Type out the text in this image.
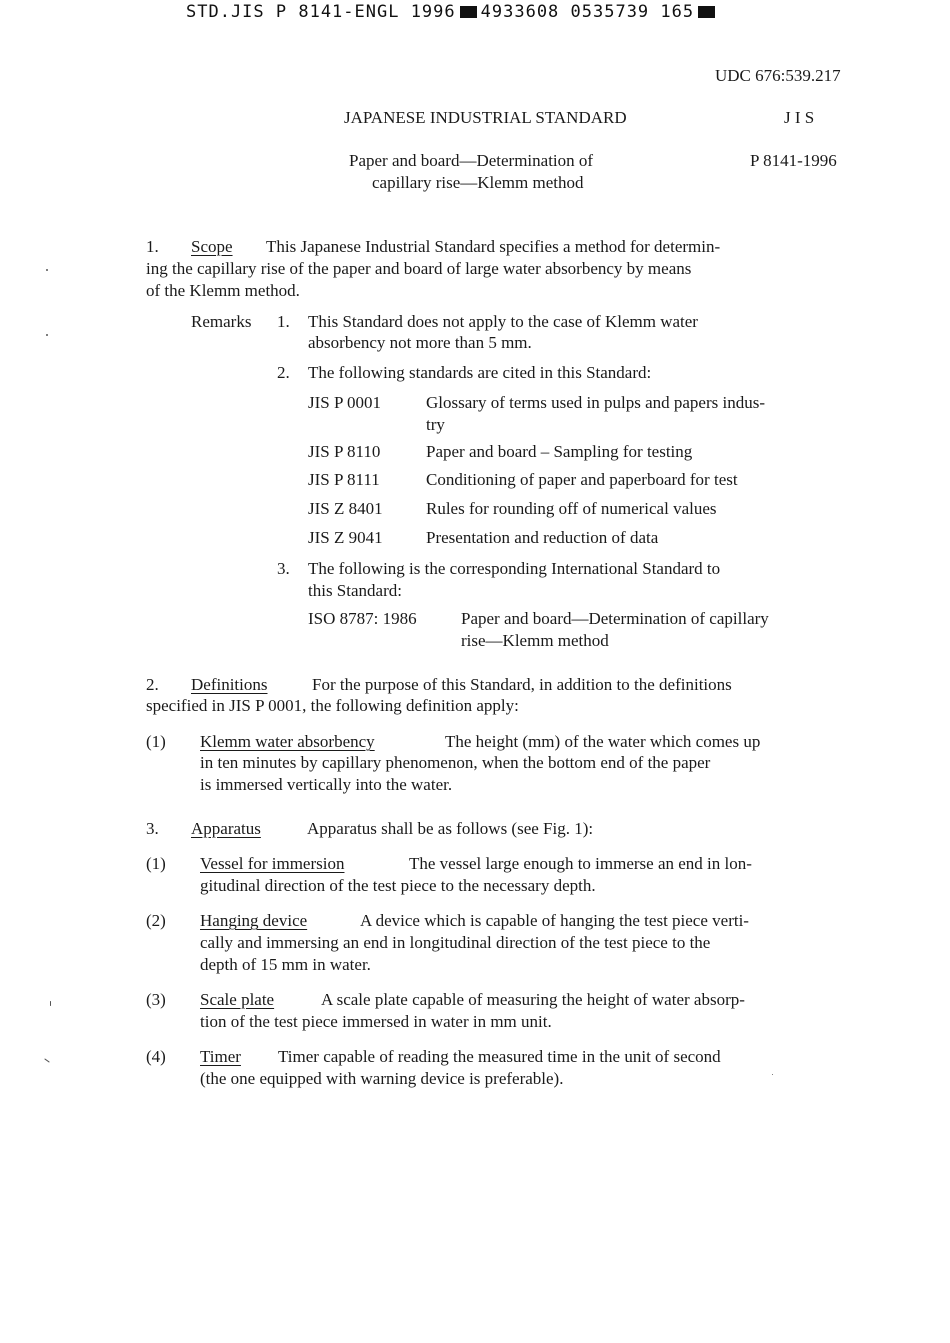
STD.JIS P 8141-ENGL 1996 4933608 0535739 165
UDC 676:539.217
JAPANESE INDUSTRIAL STANDARD	J I S
Paper and board—Determination of
capillary rise—Klemm method
P 8141-1996
1. Scope This Japanese Industrial Standard specifies a method for determin-
ing the capillary rise of the paper and board of large water absorbency by means
of the Klemm method.
Remarks 1. This Standard does not apply to the case of Klemm water
absorbency not more than 5 mm.
2. The following standards are cited in this Standard:
JIS P 0001	Glossary of terms used in pulps and papers indus-
try
JIS P 8110	Paper and board – Sampling for testing
JIS P 8111	Conditioning of paper and paperboard for test
JIS Z 8401	Rules for rounding off of numerical values
JIS Z 9041	Presentation and reduction of data
3. The following is the corresponding International Standard to
this Standard:
ISO 8787: 1986	Paper and board—Determination of capillary
rise—Klemm method
2. Definitions	For the purpose of this Standard, in addition to the definitions
specified in JIS P 0001, the following definition apply:
(1) Klemm water absorbency	The height (mm) of the water which comes up
in ten minutes by capillary phenomenon, when the bottom end of the paper
is immersed vertically into the water.
3. Apparatus	Apparatus shall be as follows (see Fig. 1):
(1) Vessel for immersion	The vessel large enough to immerse an end in lon-
gitudinal direction of the test piece to the necessary depth.
(2) Hanging device	A device which is capable of hanging the test piece verti-
cally and immersing an end in longitudinal direction of the test piece to the
depth of 15 mm in water.
(3) Scale plate	A scale plate capable of measuring the height of water absorp-
tion of the test piece immersed in water in mm unit.
(4) Timer Timer capable of reading the measured time in the unit of second
(the one equipped with warning device is preferable).
